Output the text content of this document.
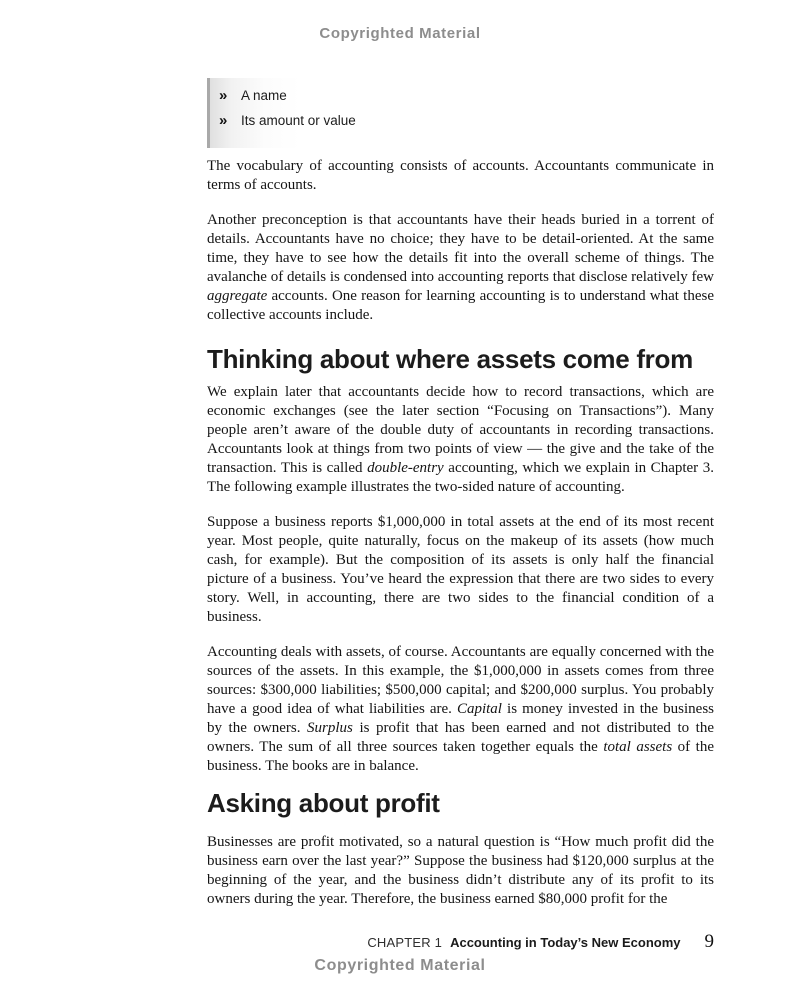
Copyrighted Material
»	A name
»	Its amount or value

The vocabulary of accounting consists of accounts. Accountants communicate in terms of accounts.

Another preconception is that accountants have their heads buried in a torrent of details. Accountants have no choice; they have to be detail-oriented. At the same time, they have to see how the details fit into the overall scheme of things. The avalanche of details is condensed into accounting reports that disclose relatively few aggregate accounts. One reason for learning accounting is to understand what these collective accounts include.

Thinking about where assets come from

We explain later that accountants decide how to record transactions, which are economic exchanges (see the later section “Focusing on Transactions”). Many people aren’t aware of the double duty of accountants in recording transactions. Accountants look at things from two points of view — the give and the take of the transaction. This is called double-entry accounting, which we explain in Chapter 3. The following example illustrates the two-sided nature of accounting.

Suppose a business reports $1,000,000 in total assets at the end of its most recent year. Most people, quite naturally, focus on the makeup of its assets (how much cash, for example). But the composition of its assets is only half the financial picture of a business. You’ve heard the expression that there are two sides to every story. Well, in accounting, there are two sides to the financial condition of a business.

Accounting deals with assets, of course. Accountants are equally concerned with the sources of the assets. In this example, the $1,000,000 in assets comes from three sources: $300,000 liabilities; $500,000 capital; and $200,000 surplus. You probably have a good idea of what liabilities are. Capital is money invested in the business by the owners. Surplus is profit that has been earned and not distributed to the owners. The sum of all three sources taken together equals the total assets of the business. The books are in balance.

Asking about profit

Businesses are profit motivated, so a natural question is “How much profit did the business earn over the last year?” Suppose the business had $120,000 surplus at the beginning of the year, and the business didn’t distribute any of its profit to its owners during the year. Therefore, the business earned $80,000 profit for the

CHAPTER 1 Accounting in Today’s New Economy 9
Copyrighted Material
